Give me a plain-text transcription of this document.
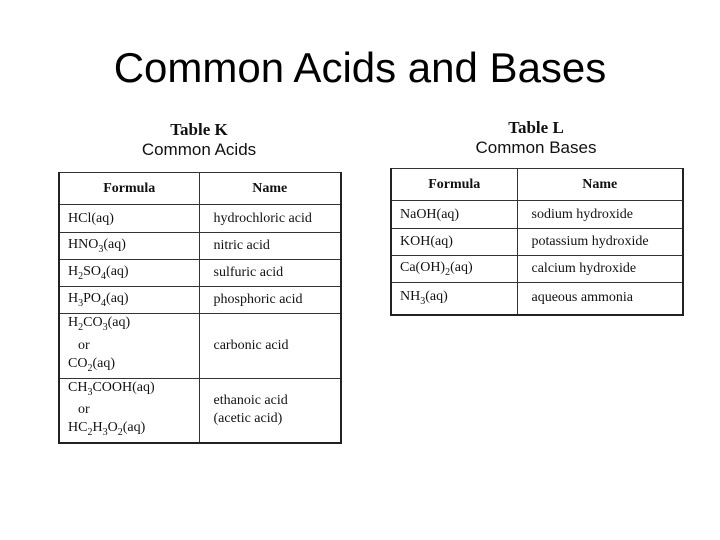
Common Acids and Bases
Table K
Common Acids
Formula	Name
HCl(aq)	hydrochloric acid
$HNO_3(aq)$	nitric acid
$H_2SO_4(aq)$	sulfuric acid
$H_3PO_4(aq)$	phosphoric acid
$H_2CO_3(aq)$
or
$CO_2(aq)$	carbonic acid
$CH_3COOH(aq)$
or
$HC_2H_3O_2(aq)$	ethanoic acid
(acetic acid)
Table L
Common Bases
Formula	Name
NaOH(aq)	sodium hydroxide
KOH(aq)	potassium hydroxide
$Ca(OH)_2(aq)$	calcium hydroxide
$NH_3(aq)$	aqueous ammonia
